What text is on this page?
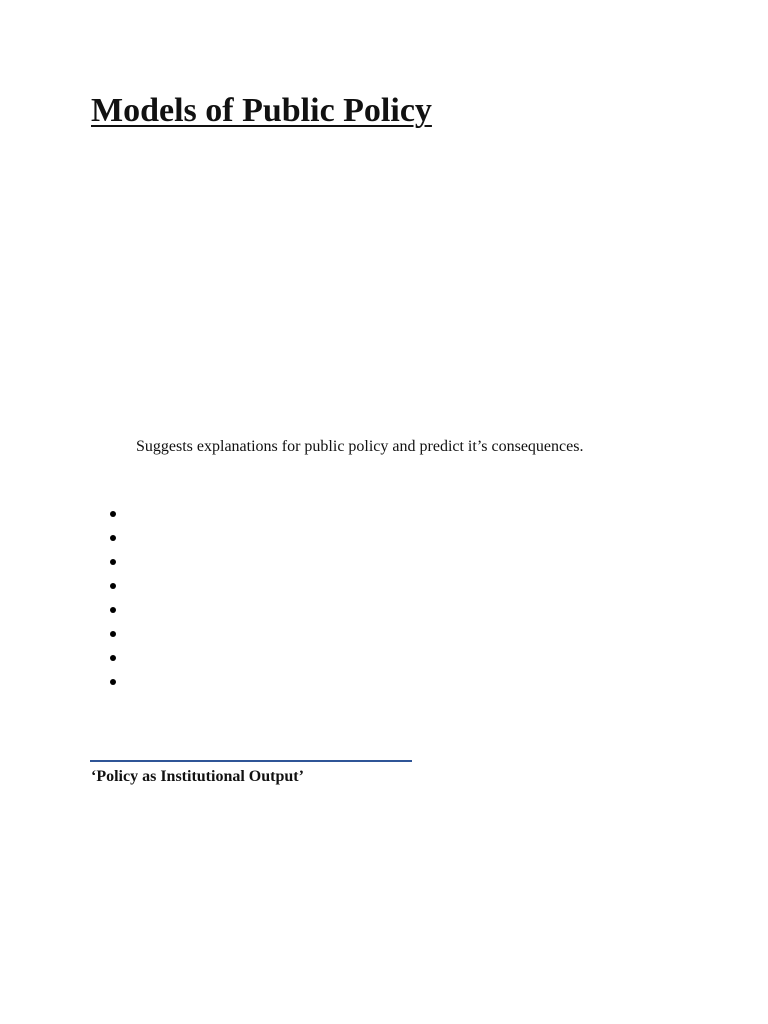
Models of Public Policy

Suggests explanations for public policy and predict it’s consequences.

‘Policy as Institutional Output’
